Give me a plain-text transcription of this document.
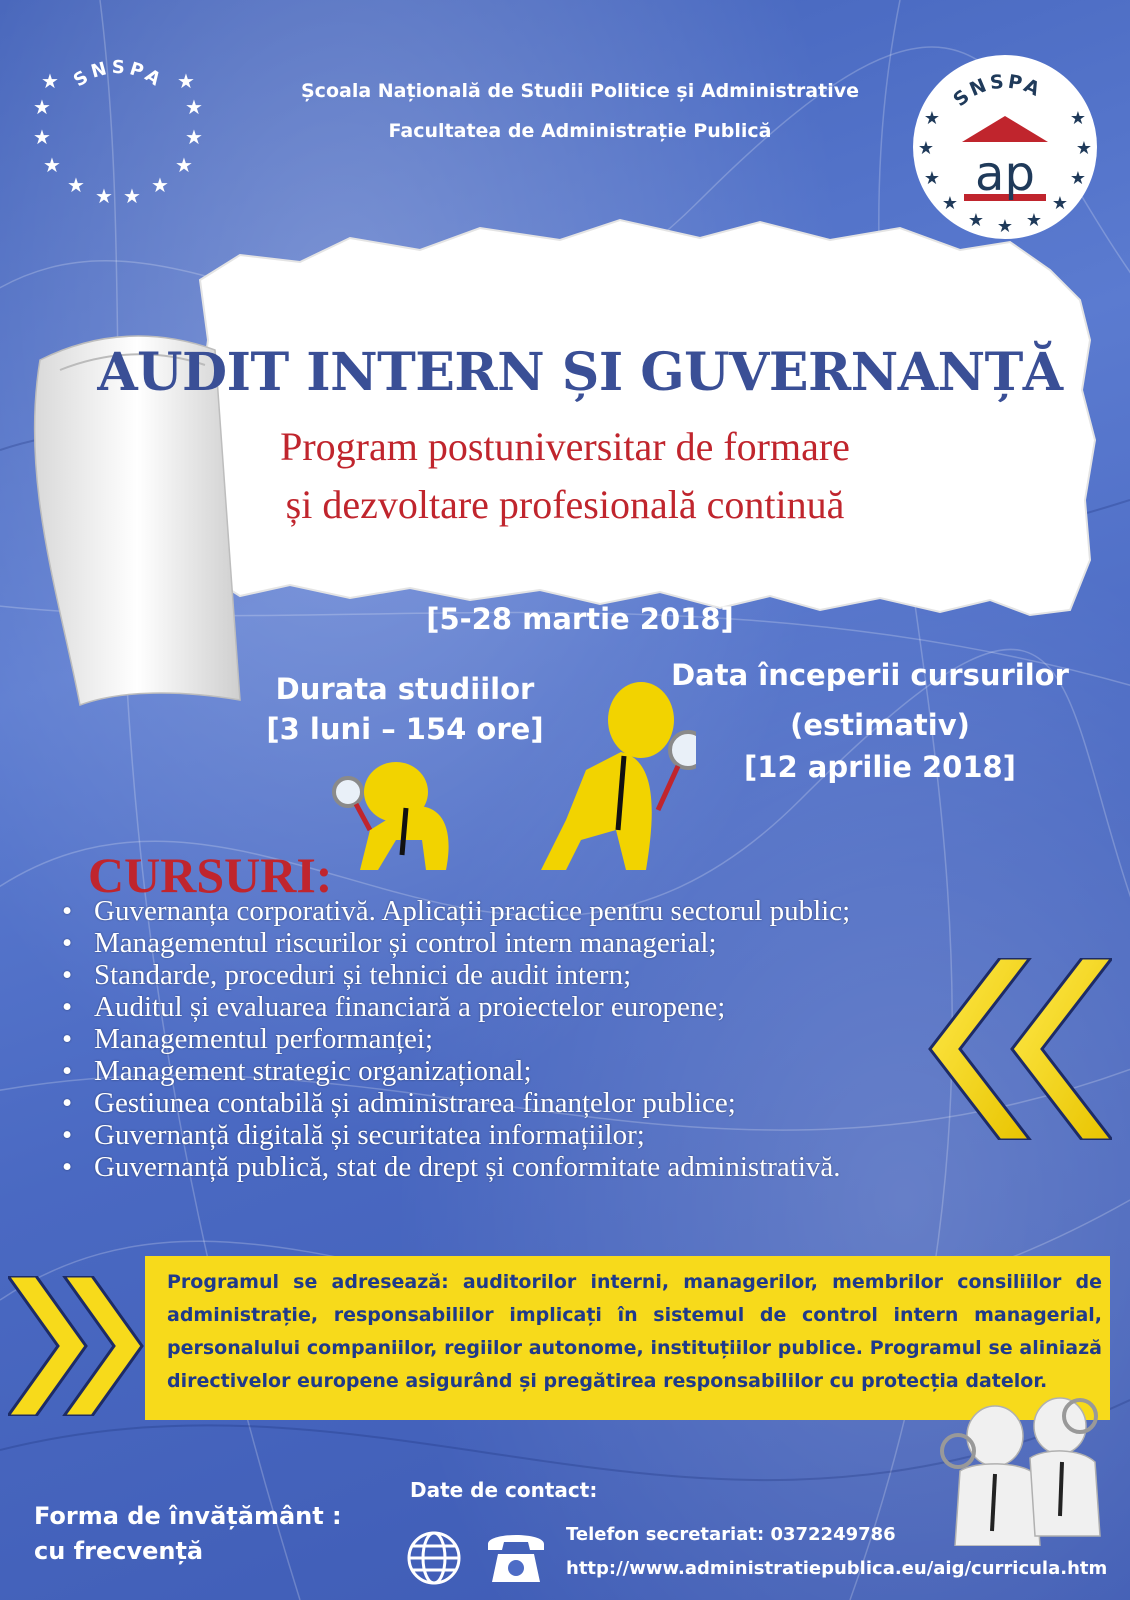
SNSPA
★	★
★	★
★	★
★	★
★	★
★ ★
Școala Națională de Studii Politice și Administrative
Facultatea de Administrație Publică
SNSPA
★	★
★	★
★	★
★	★
★ ★
★
ap
AUDIT INTERN ȘI GUVERNANȚĂ
Program postuniversitar de formare
și dezvoltare profesională continuă
Înscrieri
[5-28 martie 2018]
Durata studiilor
[3 luni – 154 ore]
Data începerii cursurilor
(estimativ)
[12 aprilie 2018]
CURSURI:
• Guvernanța corporativă. Aplicații practice pentru sectorul public;
• Managementul riscurilor și control intern managerial;
• Standarde, proceduri și tehnici de audit intern;
• Auditul și evaluarea financiară a proiectelor europene;
• Managementul performanței;
• Management strategic organizațional;
• Gestiunea contabilă și administrarea finanțelor publice;
• Guvernanță digitală și securitatea informațiilor;
• Guvernanță publică, stat de drept și conformitate administrativă.
Programul se adresează: auditorilor interni, managerilor, membrilor consiliilor de administrație, responsabililor implicați în sistemul de control intern managerial, personalului companiilor, regiilor autonome, instituțiilor publice. Programul se aliniază directivelor europene asigurând și pregătirea responsabililor cu protecția datelor.
Date de contact:
Telefon secretariat: 0372249786
http://www.administratiepublica.eu/aig/curricula.htm
Forma de învățământ :
cu frecvență
